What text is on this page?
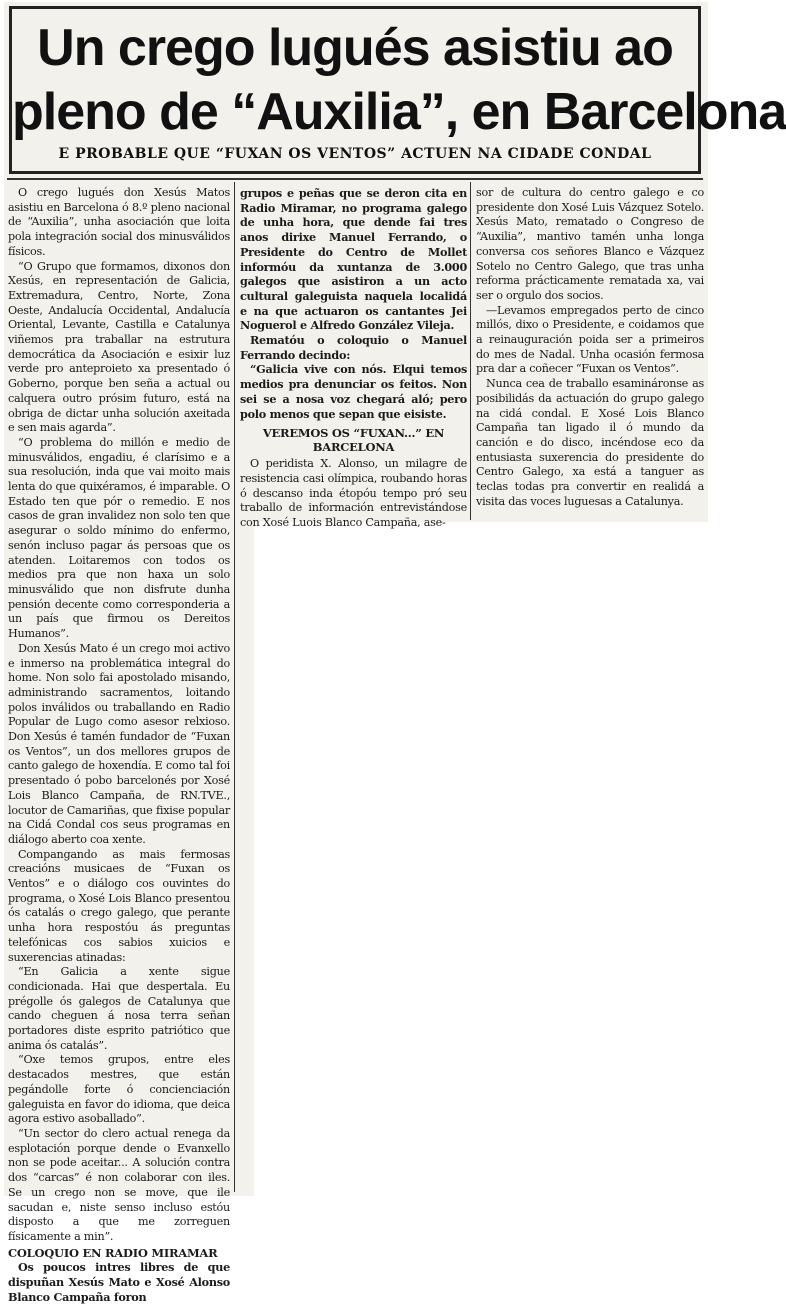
Un crego lugués asistiu ao
pleno de “Auxilia”, en Barcelona
E PROBABLE QUE “FUXAN OS VENTOS” ACTUEN NA CIDADE CONDAL

O crego lugués don Xesús Matos asistiu en Barcelona ó 8.º pleno nacional de “Auxilia”, unha asociación que loita pola integración social dos minusválidos físicos.

“O Grupo que formamos, dixonos don Xesús, en representación de Galicia, Extremadura, Centro, Norte, Zona Oeste, Andalucía Occidental, Andalucía Oriental, Levante, Castilla e Catalunya viñemos pra traballar na estrutura democrática da Asociación e esixir luz verde pro anteproieto xa presentado ó Goberno, porque ben seña a actual ou calquera outro prósim futuro, está na obriga de dictar unha solución axeitada e sen mais agarda”.

“O problema do millón e medio de minusválidos, engadiu, é clarísimo e a sua resolución, inda que vai moito mais lenta do que quixéramos, é imparable. O Estado ten que pór o remedio. E nos casos de gran invalidez non solo ten que asegurar o soldo mínimo do enfermo, senón incluso pagar ás persoas que os atenden. Loitaremos con todos os medios pra que non haxa un solo minusválido que non disfrute dunha pensión decente como corresponderia a un país que firmou os Dereitos Humanos”.

Don Xesús Mato é un crego moi activo e inmerso na problemática integral do home. Non solo fai apostolado misando, administrando sacramentos, loitando polos inválidos ou traballando en Radio Popular de Lugo como asesor relxioso. Don Xesús é tamén fundador de “Fuxan os Ventos”, un dos mellores grupos de canto galego de hoxendía. E como tal foi presentado ó pobo barcelonés por Xosé Lois Blanco Campaña, de RN.TVE., locutor de Camariñas, que fixise popular na Cidá Condal cos seus programas en diálogo aberto coa xente.

Compangando as mais fermosas creacións musicaes de “Fuxan os Ventos” e o diálogo cos ouvintes do programa, o Xosé Lois Blanco presentou ós catalás o crego galego, que perante unha hora respostóu ás preguntas telefónicas cos sabios xuicios e suxerencias atinadas:

“En Galicia a xente sigue condicionada. Hai que despertala. Eu prégolle ós galegos de Catalunya que cando cheguen á nosa terra señan portadores diste esprito patriótico que anima ós catalás”.

“Oxe temos grupos, entre eles destacados mestres, que están pegándolle forte ó concienciación galeguista en favor do idioma, que deica agora estivo asoballado”.

“Un sector do clero actual renega da esplotación porque dende o Evanxello non se pode aceitar... A solución contra dos “carcas” é non colaborar con iles. Se un crego non se move, que ile sacudan e, niste senso incluso estóu disposto a que me zorreguen físicamente a min”.

COLOQUIO EN RADIO MIRAMAR

Os poucos intres libres de que dispuñan Xesús Mato e Xosé Alonso Blanco Campaña foron

grupos e peñas que se deron cita en Radio Miramar, no programa galego de unha hora, que dende fai tres anos dirixe Manuel Ferrando, o Presidente do Centro de Mollet informóu da xuntanza de 3.000 galegos que asistiron a un acto cultural galeguista naquela localidá e na que actuaron os cantantes Jei Noguerol e Alfredo González Vileja.

Rematóu o coloquio o Manuel Ferrando decindo:

“Galicia vive con nós. Elqui temos medios pra denunciar os feitos. Non sei se a nosa voz chegará aló; pero polo menos que sepan que eisiste.

VEREMOS OS “FUXAN...” EN BARCELONA

O peridista X. Alonso, un milagre de resistencia casi olímpica, roubando horas ó descanso inda étopóu tempo pró seu traballo de información entrevistándose con Xosé Luois Blanco Campaña, ase-

sor de cultura do centro galego e co presidente don Xosé Luis Vázquez Sotelo. Xesús Mato, rematado o Congreso de “Auxilia”, mantivo tamén unha longa conversa cos señores Blanco e Vázquez Sotelo no Centro Galego, que tras unha reforma prácticamente rematada xa, vai ser o orgulo dos socios.

—Levamos empregados perto de cinco millós, dixo o Presidente, e coidamos que a reinauguración poida ser a primeiros do mes de Nadal. Unha ocasión fermosa pra dar a coñecer “Fuxan os Ventos”.

Nunca cea de traballo esamináronse as posibilidás da actuación do grupo galego na cidá condal. E Xosé Lois Blanco Campaña tan ligado il ó mundo da canción e do disco, incéndose eco da entusiasta suxerencia do presidente do Centro Galego, xa está a tanguer as teclas todas pra convertir en realidá a visita das voces luguesas a Catalunya.
